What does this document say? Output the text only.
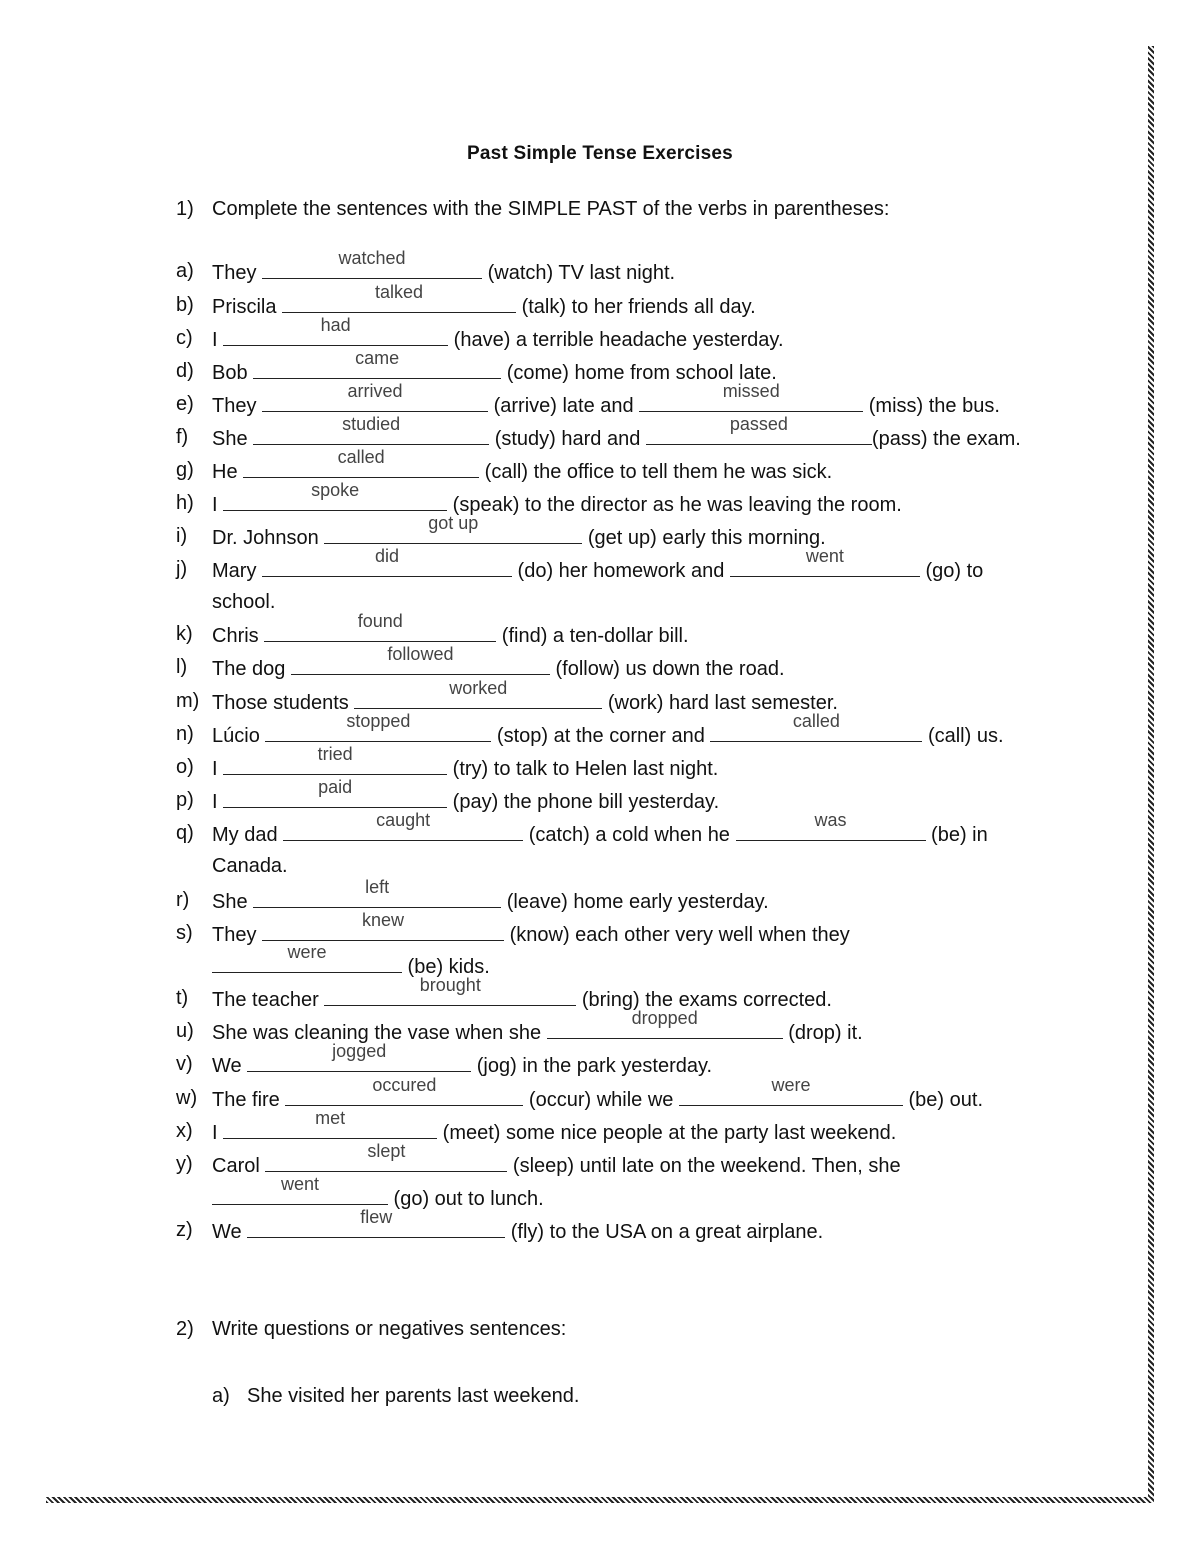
Past Simple Tense Exercises
1) Complete the sentences with the SIMPLE PAST of the verbs in parentheses:
a) They
watched
(watch) TV last night.
b) Priscila
talked
(talk) to her friends all day.
c) I
had
(have) a terrible headache yesterday.
d) Bob
came
(come) home from school late.
e) They
arrived
(arrive) late and
missed
(miss) the bus.
f) She
studied
(study) hard and
passed
(pass) the exam.
g) He
called
(call) the office to tell them he was sick.
h) I
spoke
(speak) to the director as he was leaving the room.
i) Dr. Johnson
got up
(get up) early this morning.
j) Mary
did
(do) her homework and
went
(go) to
school.
k) Chris
found
(find) a ten-dollar bill.
l) The dog
followed
(follow) us down the road.
m) Those students
worked
(work) hard last semester.
n) Lúcio
stopped
(stop) at the corner and
called
(call) us.
o) I
tried
(try) to talk to Helen last night.
p) I
paid
(pay) the phone bill yesterday.
q) My dad
caught
(catch) a cold when he
was
(be) in
Canada.
r) She
left
(leave) home early yesterday.
s) They
knew
(know) each other very well when they
were
(be) kids.
t) The teacher
brought
(bring) the exams corrected.
u) She was cleaning the vase when she
dropped
(drop) it.
v) We
jogged
(jog) in the park yesterday.
w) The fire
occured
(occur) while we
were
(be) out.
x) I
met
(meet) some nice people at the party last weekend.
y) Carol
slept
(sleep) until late on the weekend. Then, she
went
(go) out to lunch.
z) We
flew
(fly) to the USA on a great airplane.
2) Write questions or negatives sentences:
a) She visited her parents last weekend.
